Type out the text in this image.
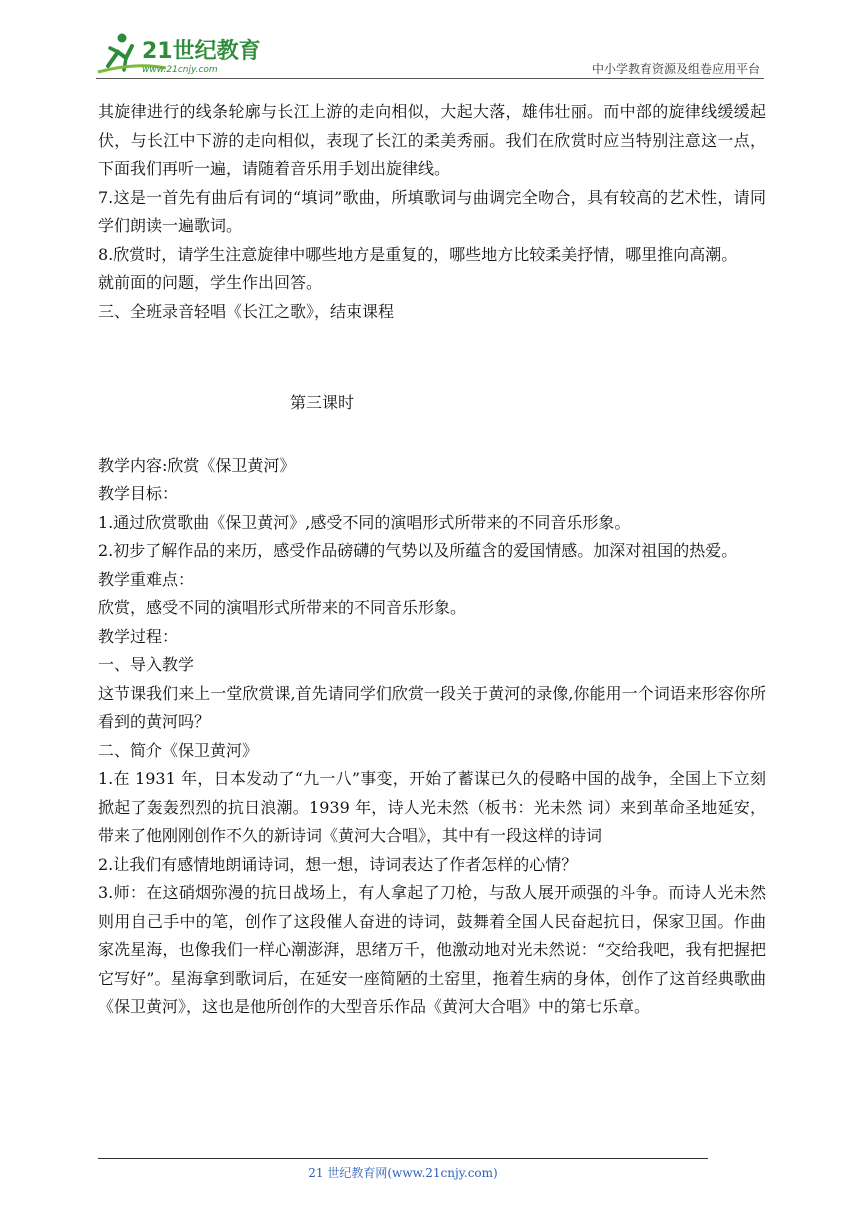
21世纪教育
www.21cnjy.com	中小学教育资源及组卷应用平台

其旋律进行的线条轮廓与长江上游的走向相似，大起大落，雄伟壮丽。而中部的旋律线缓缓起伏，与长江中下游的走向相似，表现了长江的柔美秀丽。我们在欣赏时应当特别注意这一点，下面我们再听一遍，请随着音乐用手划出旋律线。

7.这是一首先有曲后有词的“填词”歌曲，所填歌词与曲调完全吻合，具有较高的艺术性，请同学们朗读一遍歌词。

8.欣赏时，请学生注意旋律中哪些地方是重复的，哪些地方比较柔美抒情，哪里推向高潮。

就前面的问题，学生作出回答。

三、全班录音轻唱《长江之歌》，结束课程

第三课时

教学内容:欣赏《保卫黄河》

教学目标：

1.通过欣赏歌曲《保卫黄河》,感受不同的演唱形式所带来的不同音乐形象。

2.初步了解作品的来历，感受作品磅礴的气势以及所蕴含的爱国情感。加深对祖国的热爱。

教学重难点：

欣赏，感受不同的演唱形式所带来的不同音乐形象。

教学过程：

一、导入教学

这节课我们来上一堂欣赏课,首先请同学们欣赏一段关于黄河的录像,你能用一个词语来形容你所看到的黄河吗？

二、简介《保卫黄河》

1.在 1931 年，日本发动了“九一八”事变，开始了蓄谋已久的侵略中国的战争，全国上下立刻掀起了轰轰烈烈的抗日浪潮。1939 年，诗人光未然（板书：光未然 词）来到革命圣地延安，带来了他刚刚创作不久的新诗词《黄河大合唱》，其中有一段这样的诗词

2.让我们有感情地朗诵诗词，想一想，诗词表达了作者怎样的心情？

3.师：在这硝烟弥漫的抗日战场上，有人拿起了刀枪，与敌人展开顽强的斗争。而诗人光未然则用自己手中的笔，创作了这段催人奋进的诗词，鼓舞着全国人民奋起抗日，保家卫国。作曲家冼星海，也像我们一样心潮澎湃，思绪万千，他激动地对光未然说：“交给我吧，我有把握把它写好”。星海拿到歌词后，在延安一座简陋的土窑里，拖着生病的身体，创作了这首经典歌曲《保卫黄河》，这也是他所创作的大型音乐作品《黄河大合唱》中的第七乐章。

21 世纪教育网(www.21cnjy.com)
